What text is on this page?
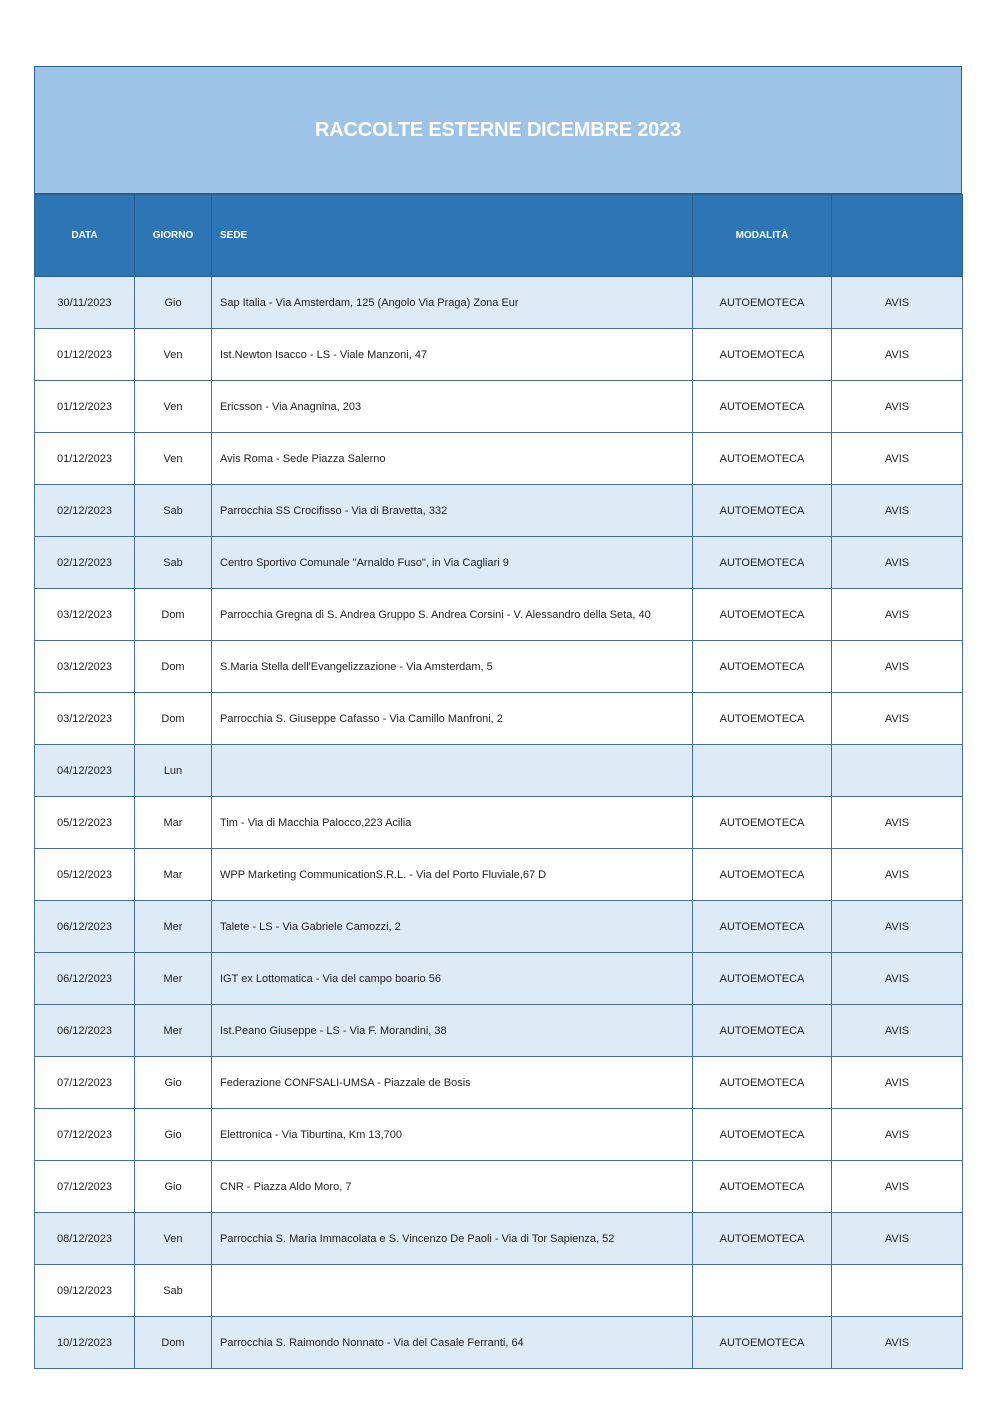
RACCOLTE ESTERNE DICEMBRE 2023
DATA	GIORNO	SEDE	MODALITÀ	
30/11/2023	Gio	Sap Italia - Via Amsterdam, 125 (Angolo Via Praga) Zona Eur	AUTOEMOTECA	AVIS
01/12/2023	Ven	Ist.Newton Isacco - LS - Viale Manzoni, 47	AUTOEMOTECA	AVIS
01/12/2023	Ven	Ericsson - Via Anagnina, 203	AUTOEMOTECA	AVIS
01/12/2023	Ven	Avis Roma - Sede Piazza Salerno	AUTOEMOTECA	AVIS
02/12/2023	Sab	Parrocchia SS Crocifisso - Via di Bravetta, 332	AUTOEMOTECA	AVIS
02/12/2023	Sab	Centro Sportivo Comunale "Arnaldo Fuso", in Via Cagliari 9	AUTOEMOTECA	AVIS
03/12/2023	Dom	Parrocchia Gregna di S. Andrea Gruppo S. Andrea Corsini - V. Alessandro della Seta, 40	AUTOEMOTECA	AVIS
03/12/2023	Dom	S.Maria Stella dell'Evangelizzazione - Via Amsterdam, 5	AUTOEMOTECA	AVIS
03/12/2023	Dom	Parrocchia S. Giuseppe Cafasso - Via Camillo Manfroni, 2	AUTOEMOTECA	AVIS
04/12/2023	Lun			
05/12/2023	Mar	Tim - Via di Macchia Palocco,223 Acilia	AUTOEMOTECA	AVIS
05/12/2023	Mar	WPP Marketing CommunicationS.R.L. - Via del Porto Fluviale,67 D	AUTOEMOTECA	AVIS
06/12/2023	Mer	Talete - LS - Via Gabriele Camozzi, 2	AUTOEMOTECA	AVIS
06/12/2023	Mer	IGT ex Lottomatica - Via del campo boario 56	AUTOEMOTECA	AVIS
06/12/2023	Mer	Ist.Peano Giuseppe - LS - Via F. Morandini, 38	AUTOEMOTECA	AVIS
07/12/2023	Gio	Federazione CONFSALI-UMSA - Piazzale de Bosis	AUTOEMOTECA	AVIS
07/12/2023	Gio	Elettronica - Via Tiburtina, Km 13,700	AUTOEMOTECA	AVIS
07/12/2023	Gio	CNR - Piazza Aldo Moro, 7	AUTOEMOTECA	AVIS
08/12/2023	Ven	Parrocchia S. Maria Immacolata e S. Vincenzo De Paoli - Via di Tor Sapienza, 52	AUTOEMOTECA	AVIS
09/12/2023	Sab			
10/12/2023	Dom	Parrocchia S. Raimondo Nonnato - Via del Casale Ferranti, 64	AUTOEMOTECA	AVIS
